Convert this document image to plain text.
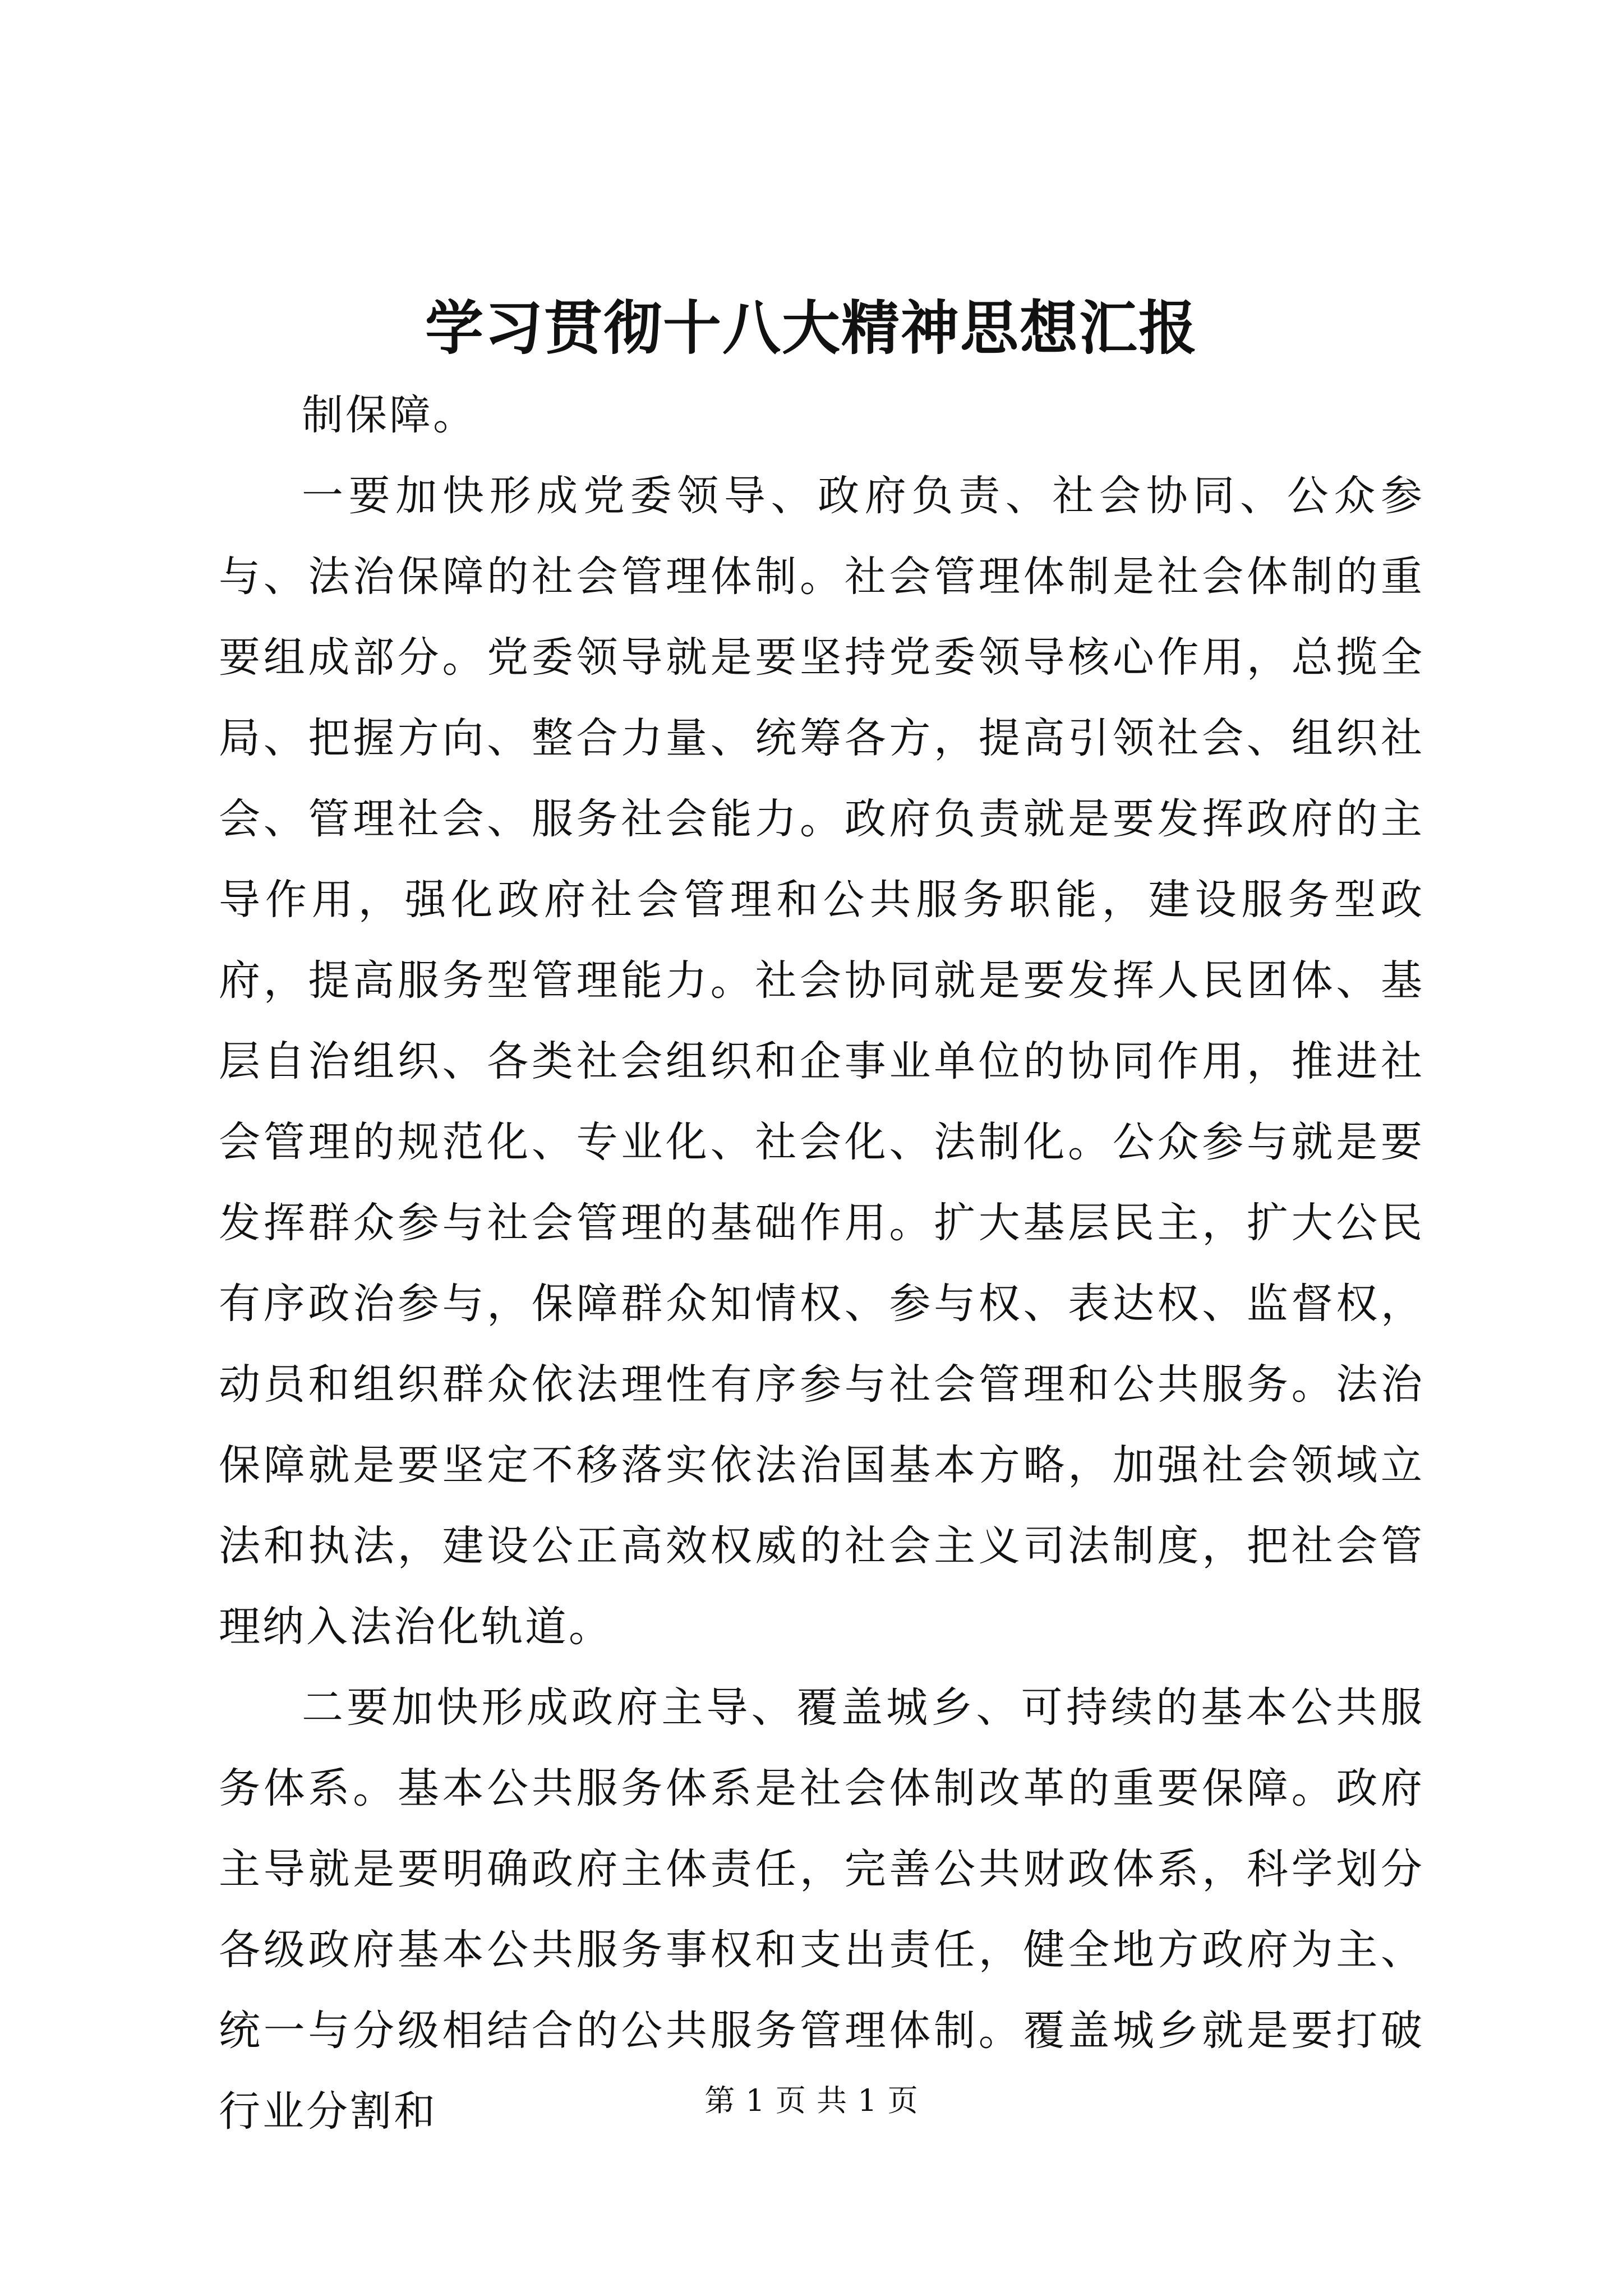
学习贯彻十八大精神思想汇报

制保障。

一要加快形成党委领导、政府负责、社会协同、公众参与、法治保障的社会管理体制。社会管理体制是社会体制的重要组成部分。党委领导就是要坚持党委领导核心作用，总揽全局、把握方向、整合力量、统筹各方，提高引领社会、组织社会、管理社会、服务社会能力。政府负责就是要发挥政府的主导作用，强化政府社会管理和公共服务职能，建设服务型政府，提高服务型管理能力。社会协同就是要发挥人民团体、基层自治组织、各类社会组织和企事业单位的协同作用，推进社会管理的规范化、专业化、社会化、法制化。公众参与就是要发挥群众参与社会管理的基础作用。扩大基层民主，扩大公民有序政治参与，保障群众知情权、参与权、表达权、监督权，动员和组织群众依法理性有序参与社会管理和公共服务。法治保障就是要坚定不移落实依法治国基本方略，加强社会领域立法和执法，建设公正高效权威的社会主义司法制度，把社会管理纳入法治化轨道。

二要加快形成政府主导、覆盖城乡、可持续的基本公共服务体系。基本公共服务体系是社会体制改革的重要保障。政府主导就是要明确政府主体责任，完善公共财政体系，科学划分各级政府基本公共服务事权和支出责任，健全地方政府为主、统一与分级相结合的公共服务管理体制。覆盖城乡就是要打破行业分割和	第 1 页 共 1 页
